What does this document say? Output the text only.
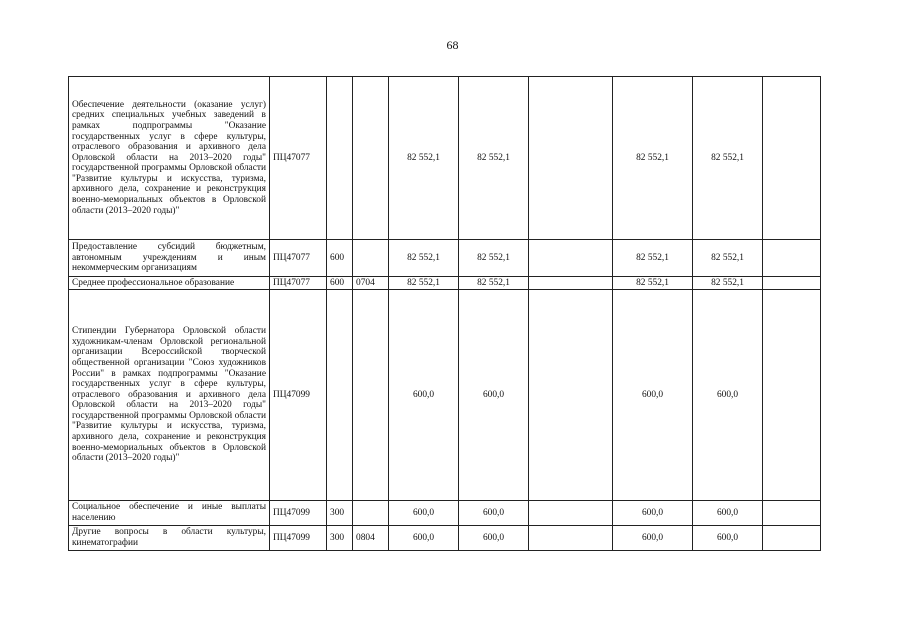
68
Обеспечение деятельности (оказание услуг) средних специальных учебных заведений в рамках подпрограммы "Оказание государственных услуг в сфере культуры, отраслевого образования и архивного дела Орловской области на 2013–2020 годы" государственной программы Орловской области "Развитие культуры и искусства, туризма, архивного дела, сохранение и реконструкция военно-мемориальных объектов в Орловской области (2013–2020 годы)"	ПЦ47077			82 552,1	82 552,1		82 552,1	82 552,1	
Предоставление субсидий бюджетным, автономным учреждениям и иным некоммерческим организациям	ПЦ47077	600		82 552,1	82 552,1		82 552,1	82 552,1	
Среднее профессиональное образование	ПЦ47077	600	0704	82 552,1	82 552,1		82 552,1	82 552,1	
Стипендии Губернатора Орловской области художникам-членам Орловской региональной организации Всероссийской творческой общественной организации "Союз художников России" в рамках подпрограммы "Оказание государственных услуг в сфере культуры, отраслевого образования и архивного дела Орловской области на 2013–2020 годы" государственной программы Орловской области "Развитие культуры и искусства, туризма, архивного дела, сохранение и реконструкция военно-мемориальных объектов в Орловской области (2013–2020 годы)"	ПЦ47099			600,0	600,0		600,0	600,0	
Социальное обеспечение и иные выплаты населению	ПЦ47099	300		600,0	600,0		600,0	600,0	
Другие вопросы в области культуры, кинематографии	ПЦ47099	300	0804	600,0	600,0		600,0	600,0	
